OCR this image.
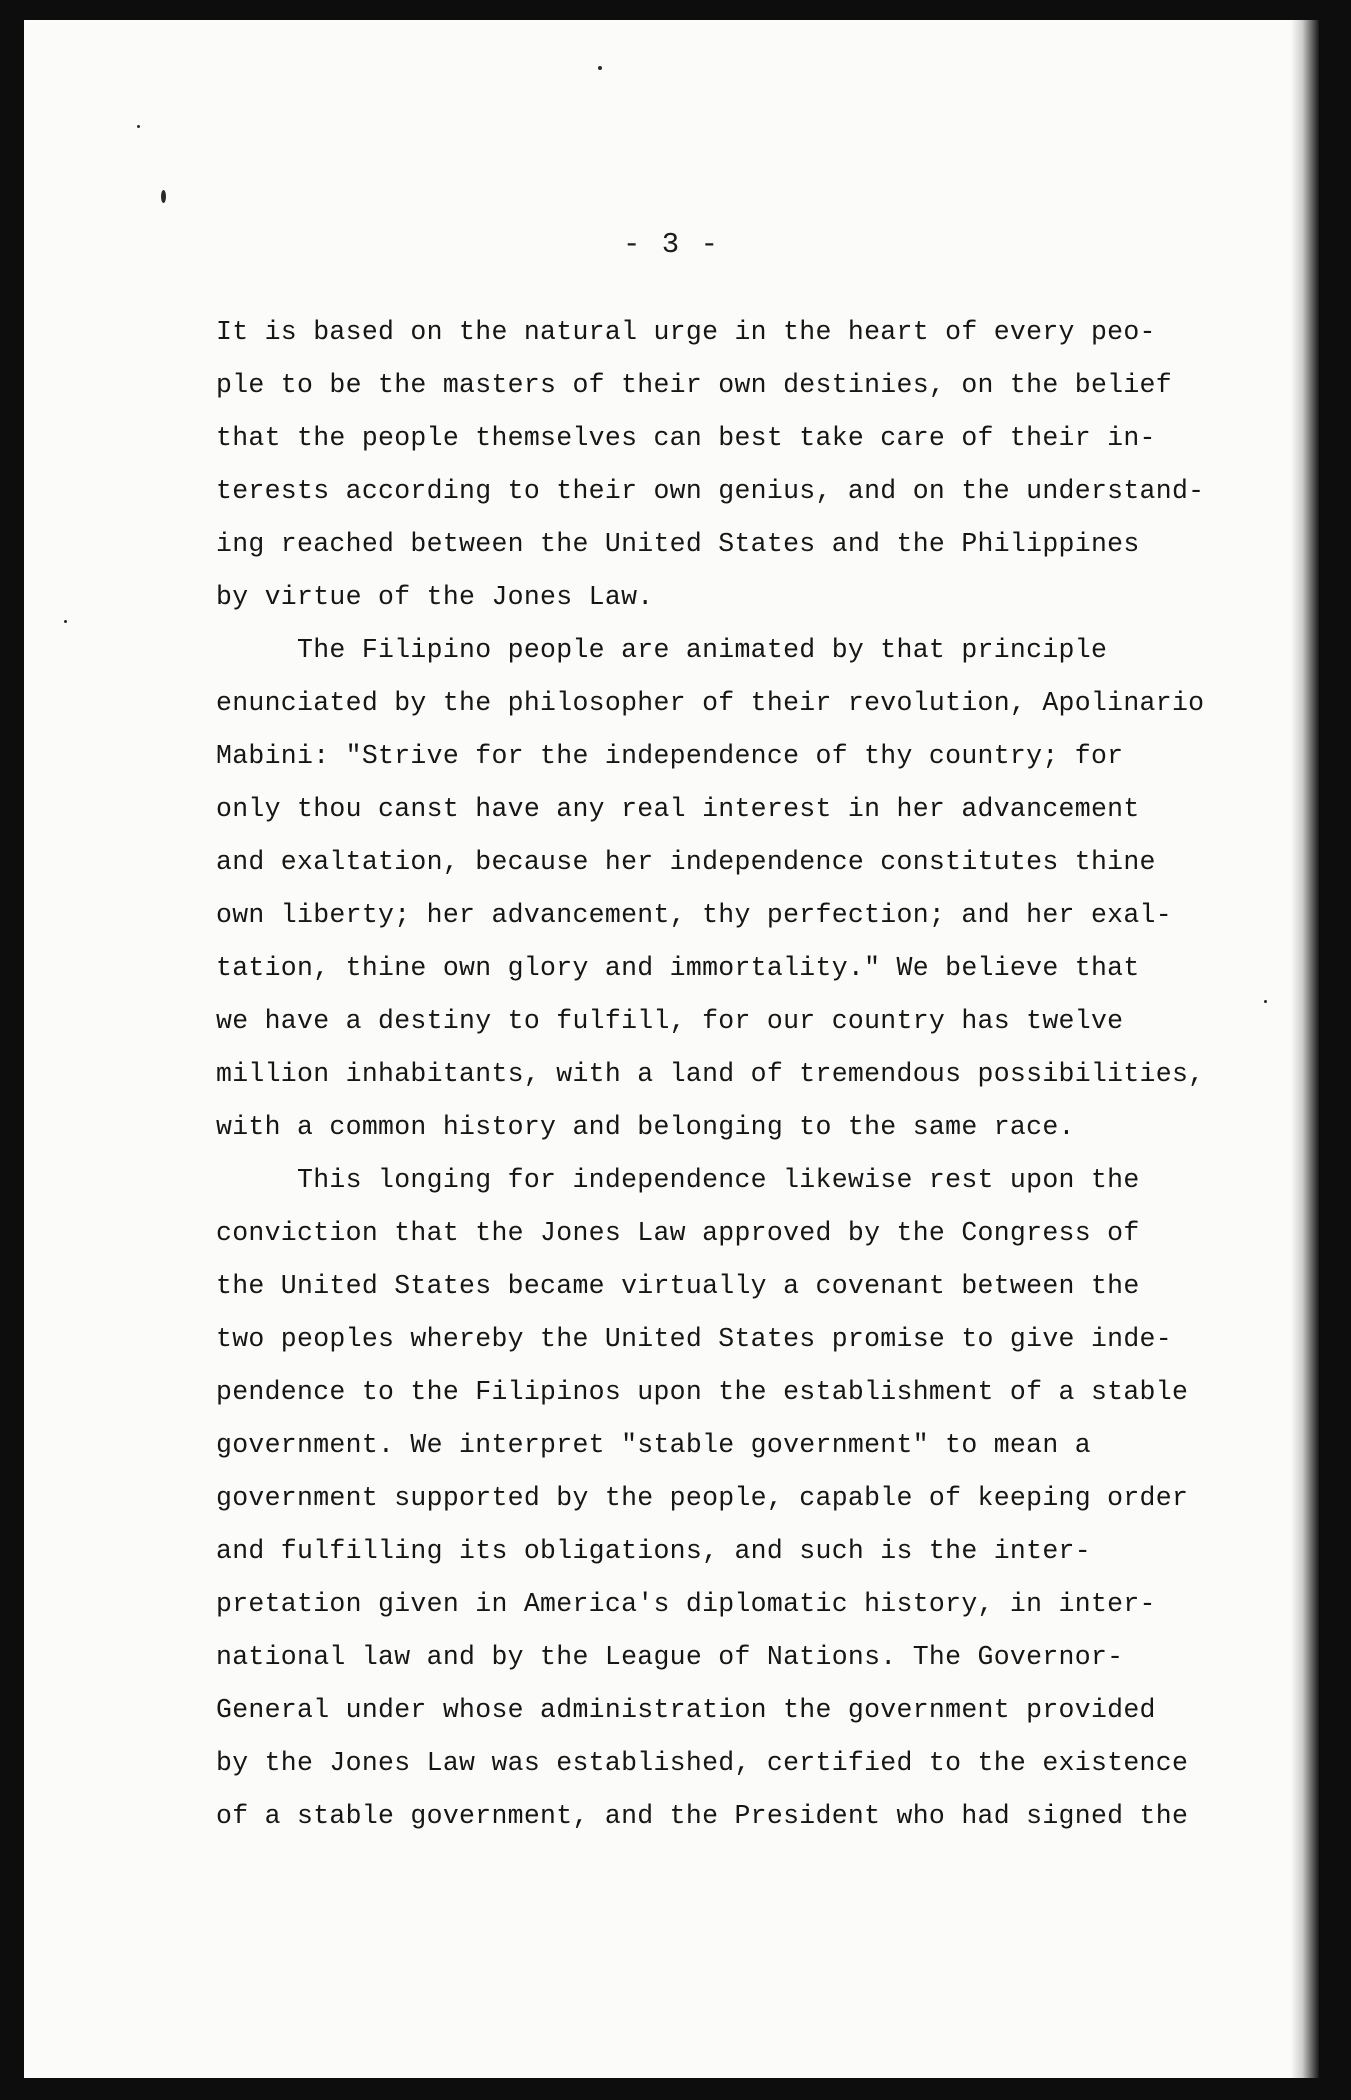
- 3 -
It is based on the natural urge in the heart of every peo-
ple to be the masters of their own destinies, on the belief
that the people themselves can best take care of their in-
terests according to their own genius, and on the understand-
ing reached between the United States and the Philippines
by virtue of the Jones Law.
The Filipino people are animated by that principle
enunciated by the philosopher of their revolution, Apolinario
Mabini: "Strive for the independence of thy country; for
only thou canst have any real interest in her advancement
and exaltation, because her independence constitutes thine
own liberty; her advancement, thy perfection; and her exal-
tation, thine own glory and immortality." We believe that
we have a destiny to fulfill, for our country has twelve
million inhabitants, with a land of tremendous possibilities,
with a common history and belonging to the same race.
This longing for independence likewise rest upon the
conviction that the Jones Law approved by the Congress of
the United States became virtually a covenant between the
two peoples whereby the United States promise to give inde-
pendence to the Filipinos upon the establishment of a stable
government. We interpret "stable government" to mean a
government supported by the people, capable of keeping order
and fulfilling its obligations, and such is the inter-
pretation given in America's diplomatic history, in inter-
national law and by the League of Nations. The Governor-
General under whose administration the government provided
by the Jones Law was established, certified to the existence
of a stable government, and the President who had signed the
